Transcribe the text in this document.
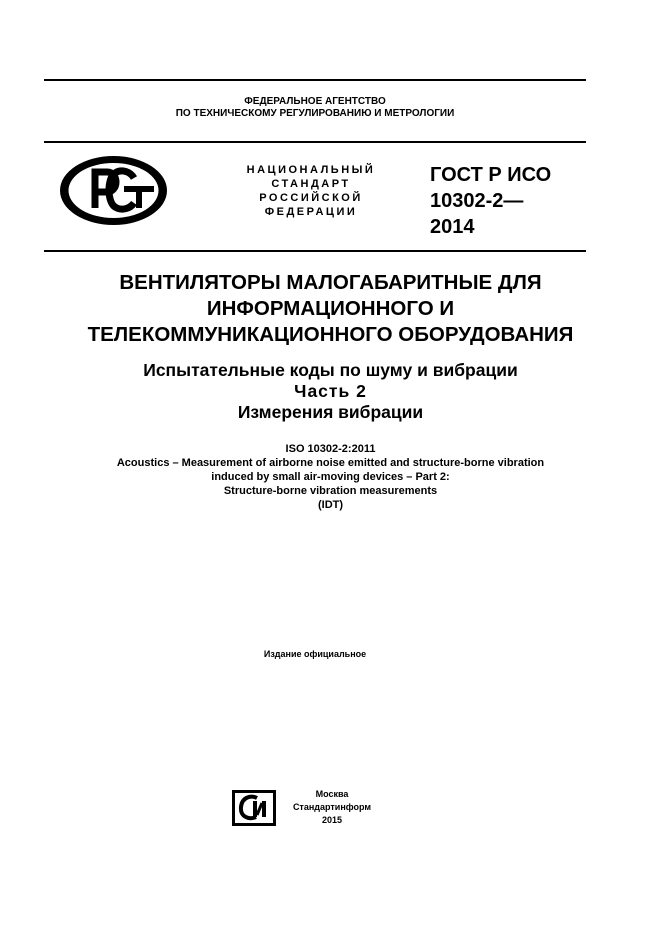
ФЕДЕРАЛЬНОЕ АГЕНТСТВО
ПО ТЕХНИЧЕСКОМУ РЕГУЛИРОВАНИЮ И МЕТРОЛОГИИ
НАЦИОНАЛЬНЫЙ
СТАНДАРТ
РОССИЙСКОЙ
ФЕДЕРАЦИИ
ГОСТ Р ИСО
10302-2—
2014
ВЕНТИЛЯТОРЫ МАЛОГАБАРИТНЫЕ ДЛЯ
ИНФОРМАЦИОННОГО И
ТЕЛЕКОММУНИКАЦИОННОГО ОБОРУДОВАНИЯ
Испытательные коды по шуму и вибрации
Часть 2
Измерения вибрации
ISO 10302-2:2011
Acoustics – Measurement of airborne noise emitted and structure-borne vibration
induced by small air-moving devices – Part 2:
Structure-borne vibration measurements
(IDT)
Издание официальное
Москва
Стандартинформ
2015
